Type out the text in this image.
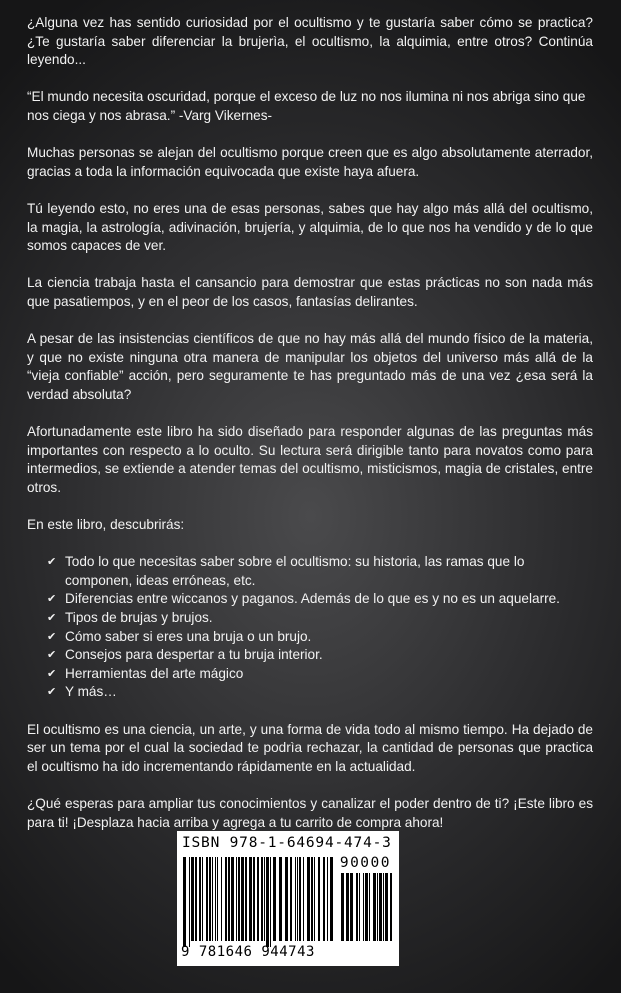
¿Alguna vez has sentido curiosidad por el ocultismo y te gustaría saber cómo se practica? ¿Te gustaría saber diferenciar la brujerìa, el ocultismo, la alquimia, entre otros? Continúa leyendo...

“El mundo necesita oscuridad, porque el exceso de luz no nos ilumina ni nos abriga sino que nos ciega y nos abrasa.” -Varg Vikernes-

Muchas personas se alejan del ocultismo porque creen que es algo absolutamente aterrador, gracias a toda la información equivocada que existe haya afuera.

Tú leyendo esto, no eres una de esas personas, sabes que hay algo más allá del ocultismo, la magia, la astrología, adivinación, brujería, y alquimia, de lo que nos ha vendido y de lo que somos capaces de ver.

La ciencia trabaja hasta el cansancio para demostrar que estas prácticas no son nada más que pasatiempos, y en el peor de los casos, fantasías delirantes.

A pesar de las insistencias científicos de que no hay más allá del mundo físico de la materia, y que no existe ninguna otra manera de manipular los objetos del universo más allá de la “vieja confiable” acción, pero seguramente te has preguntado más de una vez ¿esa será la verdad absoluta?

Afortunadamente este libro ha sido diseñado para responder algunas de las preguntas más importantes con respecto a lo oculto. Su lectura será dirigible tanto para novatos como para intermedios, se extiende a atender temas del ocultismo, misticismos, magia de cristales, entre otros.

En este libro, descubrirás:

✔ Todo lo que necesitas saber sobre el ocultismo: su historia, las ramas que lo componen, ideas erróneas, etc.
✔ Diferencias entre wiccanos y paganos. Además de lo que es y no es un aquelarre.
✔ Tipos de brujas y brujos.
✔ Cómo saber si eres una bruja o un brujo.
✔ Consejos para despertar a tu bruja interior.
✔ Herramientas del arte mágico
✔ Y más…

El ocultismo es una ciencia, un arte, y una forma de vida todo al mismo tiempo. Ha dejado de ser un tema por el cual la sociedad te podrìa rechazar, la cantidad de personas que practica el ocultismo ha ido incrementando rápidamente en la actualidad.

¿Qué esperas para ampliar tus conocimientos y canalizar el poder dentro de ti? ¡Este libro es para ti! ¡Desplaza hacia arriba y agrega a tu carrito de compra ahora!

ISBN 978-1-64694-474-3
90000
9 781646 944743
